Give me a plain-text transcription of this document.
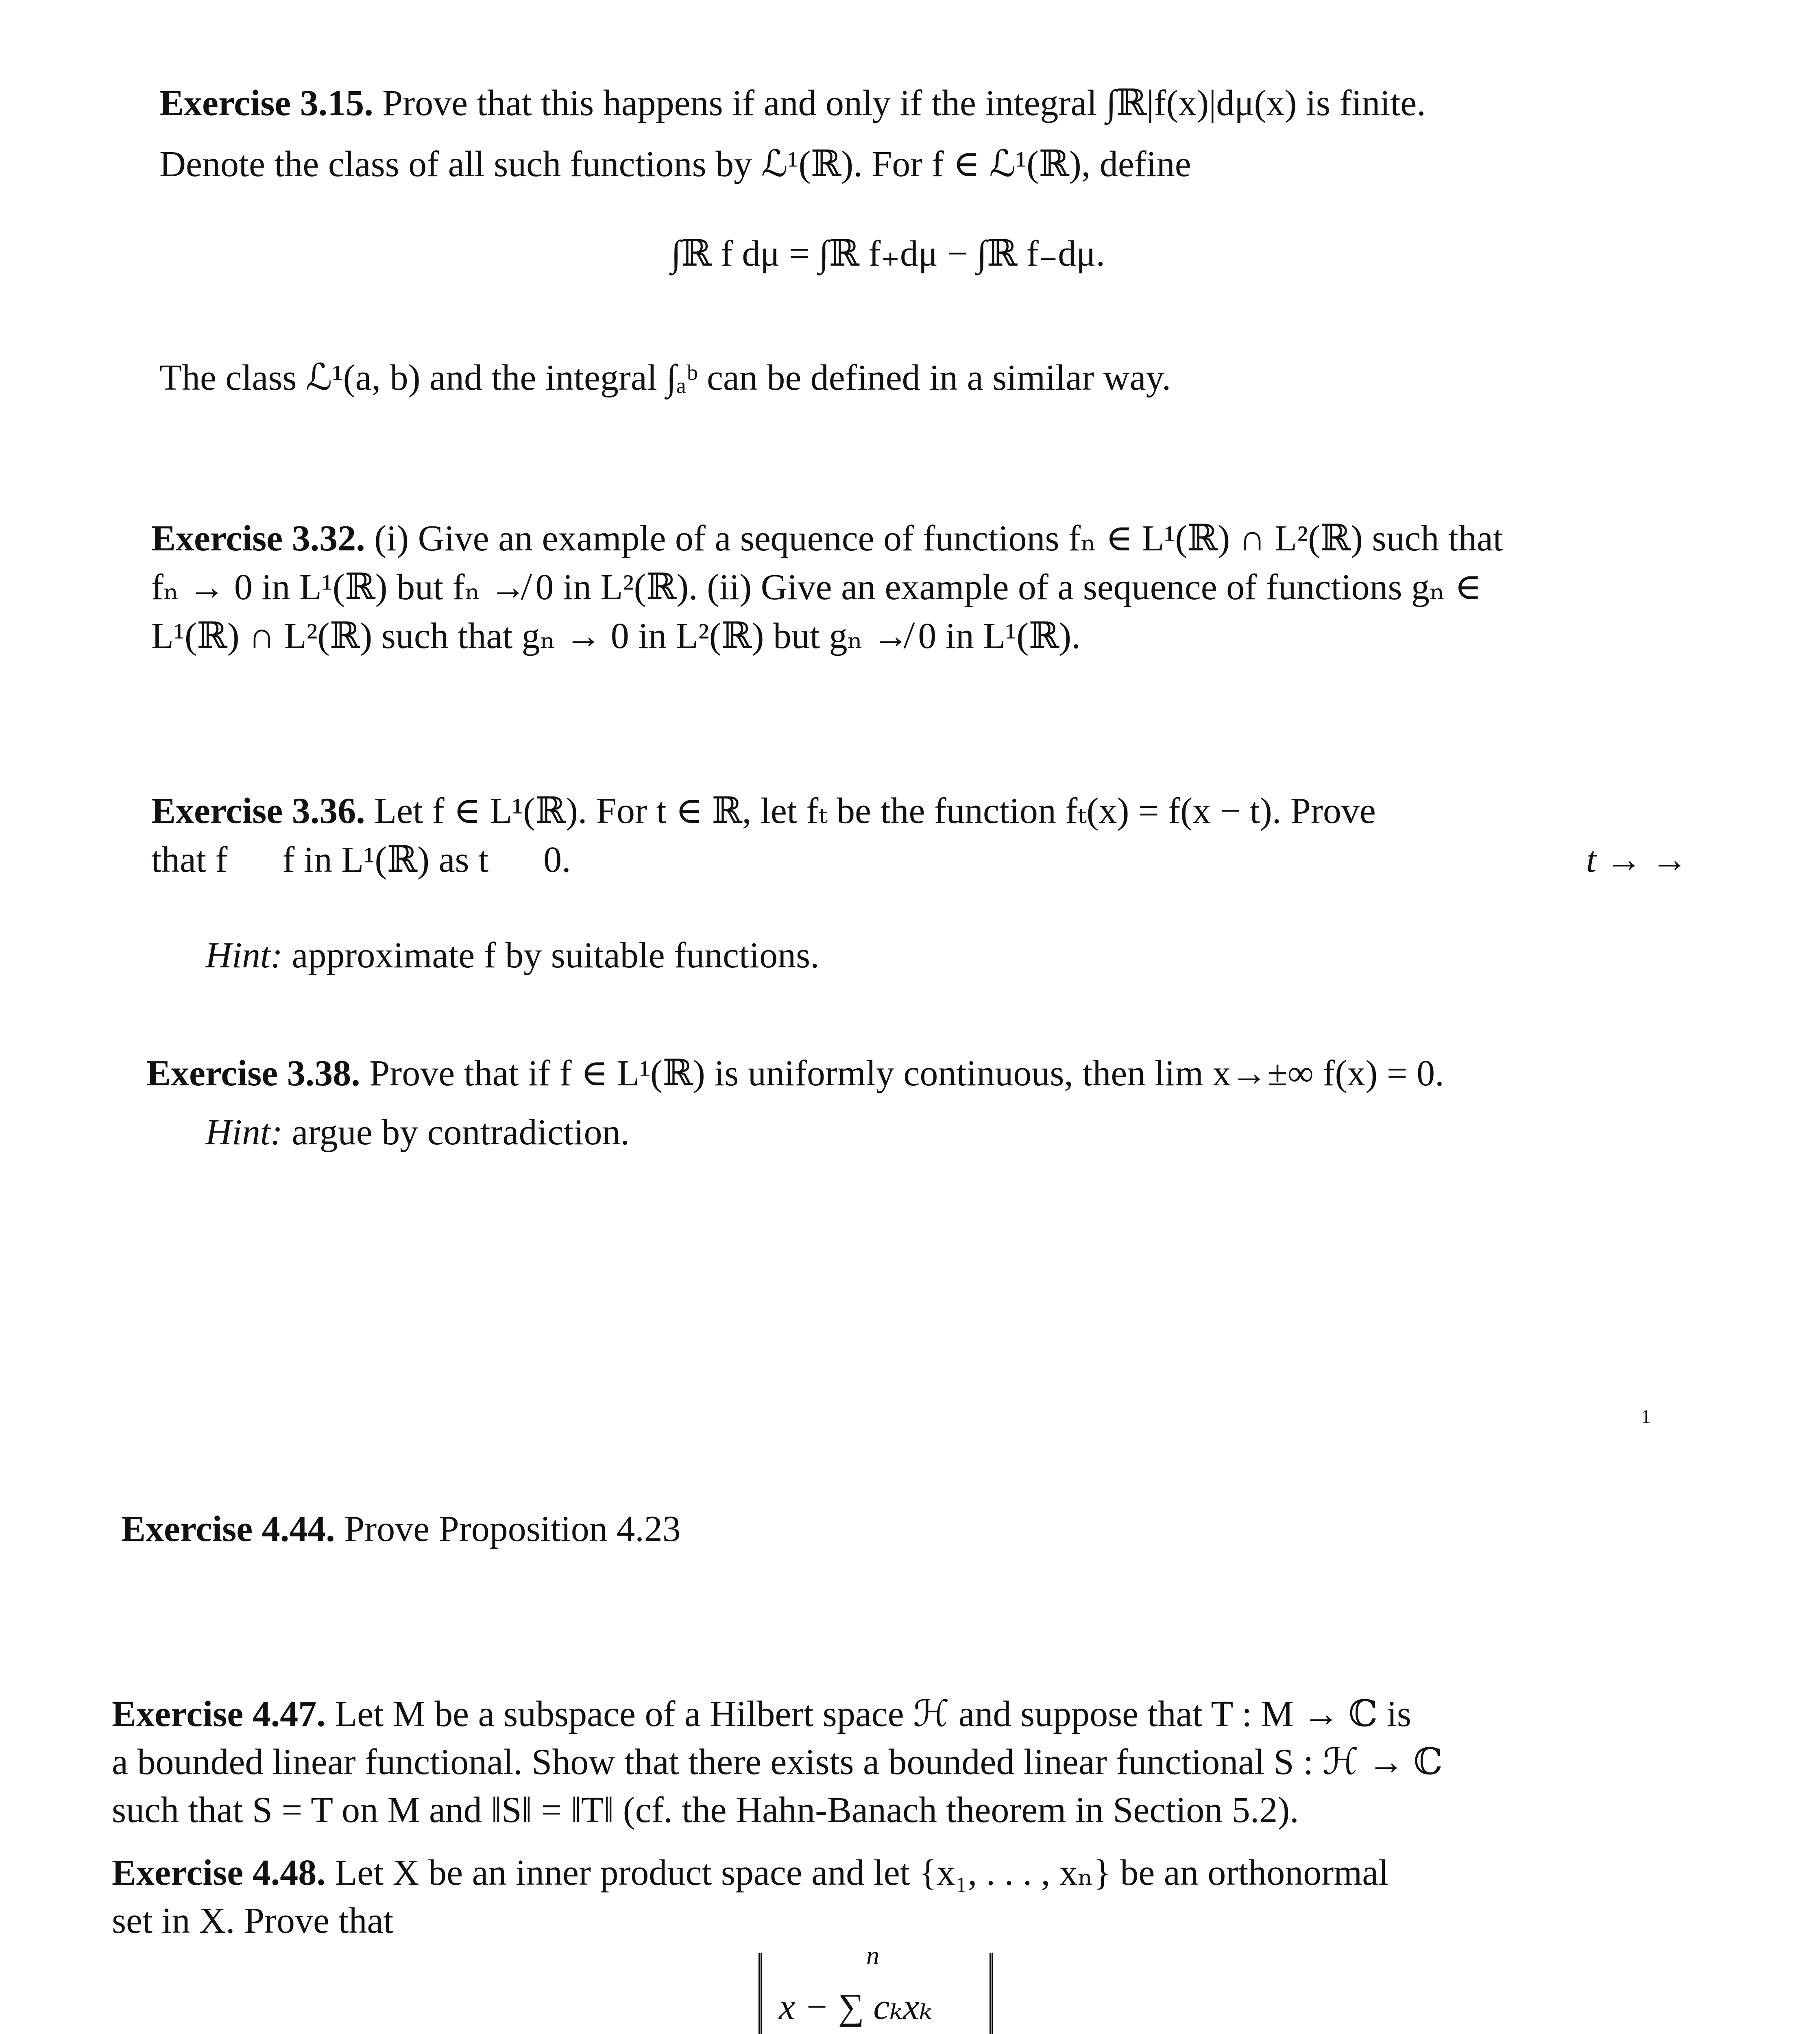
Exercise 3.15. Prove that this happens if and only if the integral ∫ℝ|f(x)|dμ(x) is finite.
Denote the class of all such functions by ℒ¹(ℝ). For f ∈ ℒ¹(ℝ), define
∫ℝ f dμ = ∫ℝ f₊dμ − ∫ℝ f₋dμ.
The class ℒ¹(a, b) and the integral ∫ₐᵇ can be defined in a similar way.
Exercise 3.32. (i) Give an example of a sequence of functions fₙ ∈ L¹(ℝ) ∩ L²(ℝ) such that
fₙ → 0 in L¹(ℝ) but fₙ ↛ 0 in L²(ℝ). (ii) Give an example of a sequence of functions gₙ ∈
L¹(ℝ) ∩ L²(ℝ) such that gₙ → 0 in L²(ℝ) but gₙ ↛ 0 in L¹(ℝ).
Exercise 3.36. Let f ∈ L¹(ℝ). For t ∈ ℝ, let fₜ be the function fₜ(x) = f(x − t). Prove
that f      f in L¹(ℝ) as t      0.	t → →
Hint: approximate f by suitable functions.
Exercise 3.38. Prove that if f ∈ L¹(ℝ) is uniformly continuous, then lim x→±∞ f(x) = 0.
Hint: argue by contradiction.
1
Exercise 4.44. Prove Proposition 4.23
Exercise 4.47. Let M be a subspace of a Hilbert space ℋ and suppose that T : M → ℂ is
a bounded linear functional. Show that there exists a bounded linear functional S : ℋ → ℂ
such that S = T on M and ‖S‖ = ‖T‖ (cf. the Hahn-Banach theorem in Section 5.2).
Exercise 4.48. Let X be an inner product space and let {x₁, . . . , xₙ} be an orthonormal
set in X. Prove that
x − ∑ cₖxₖ
n
